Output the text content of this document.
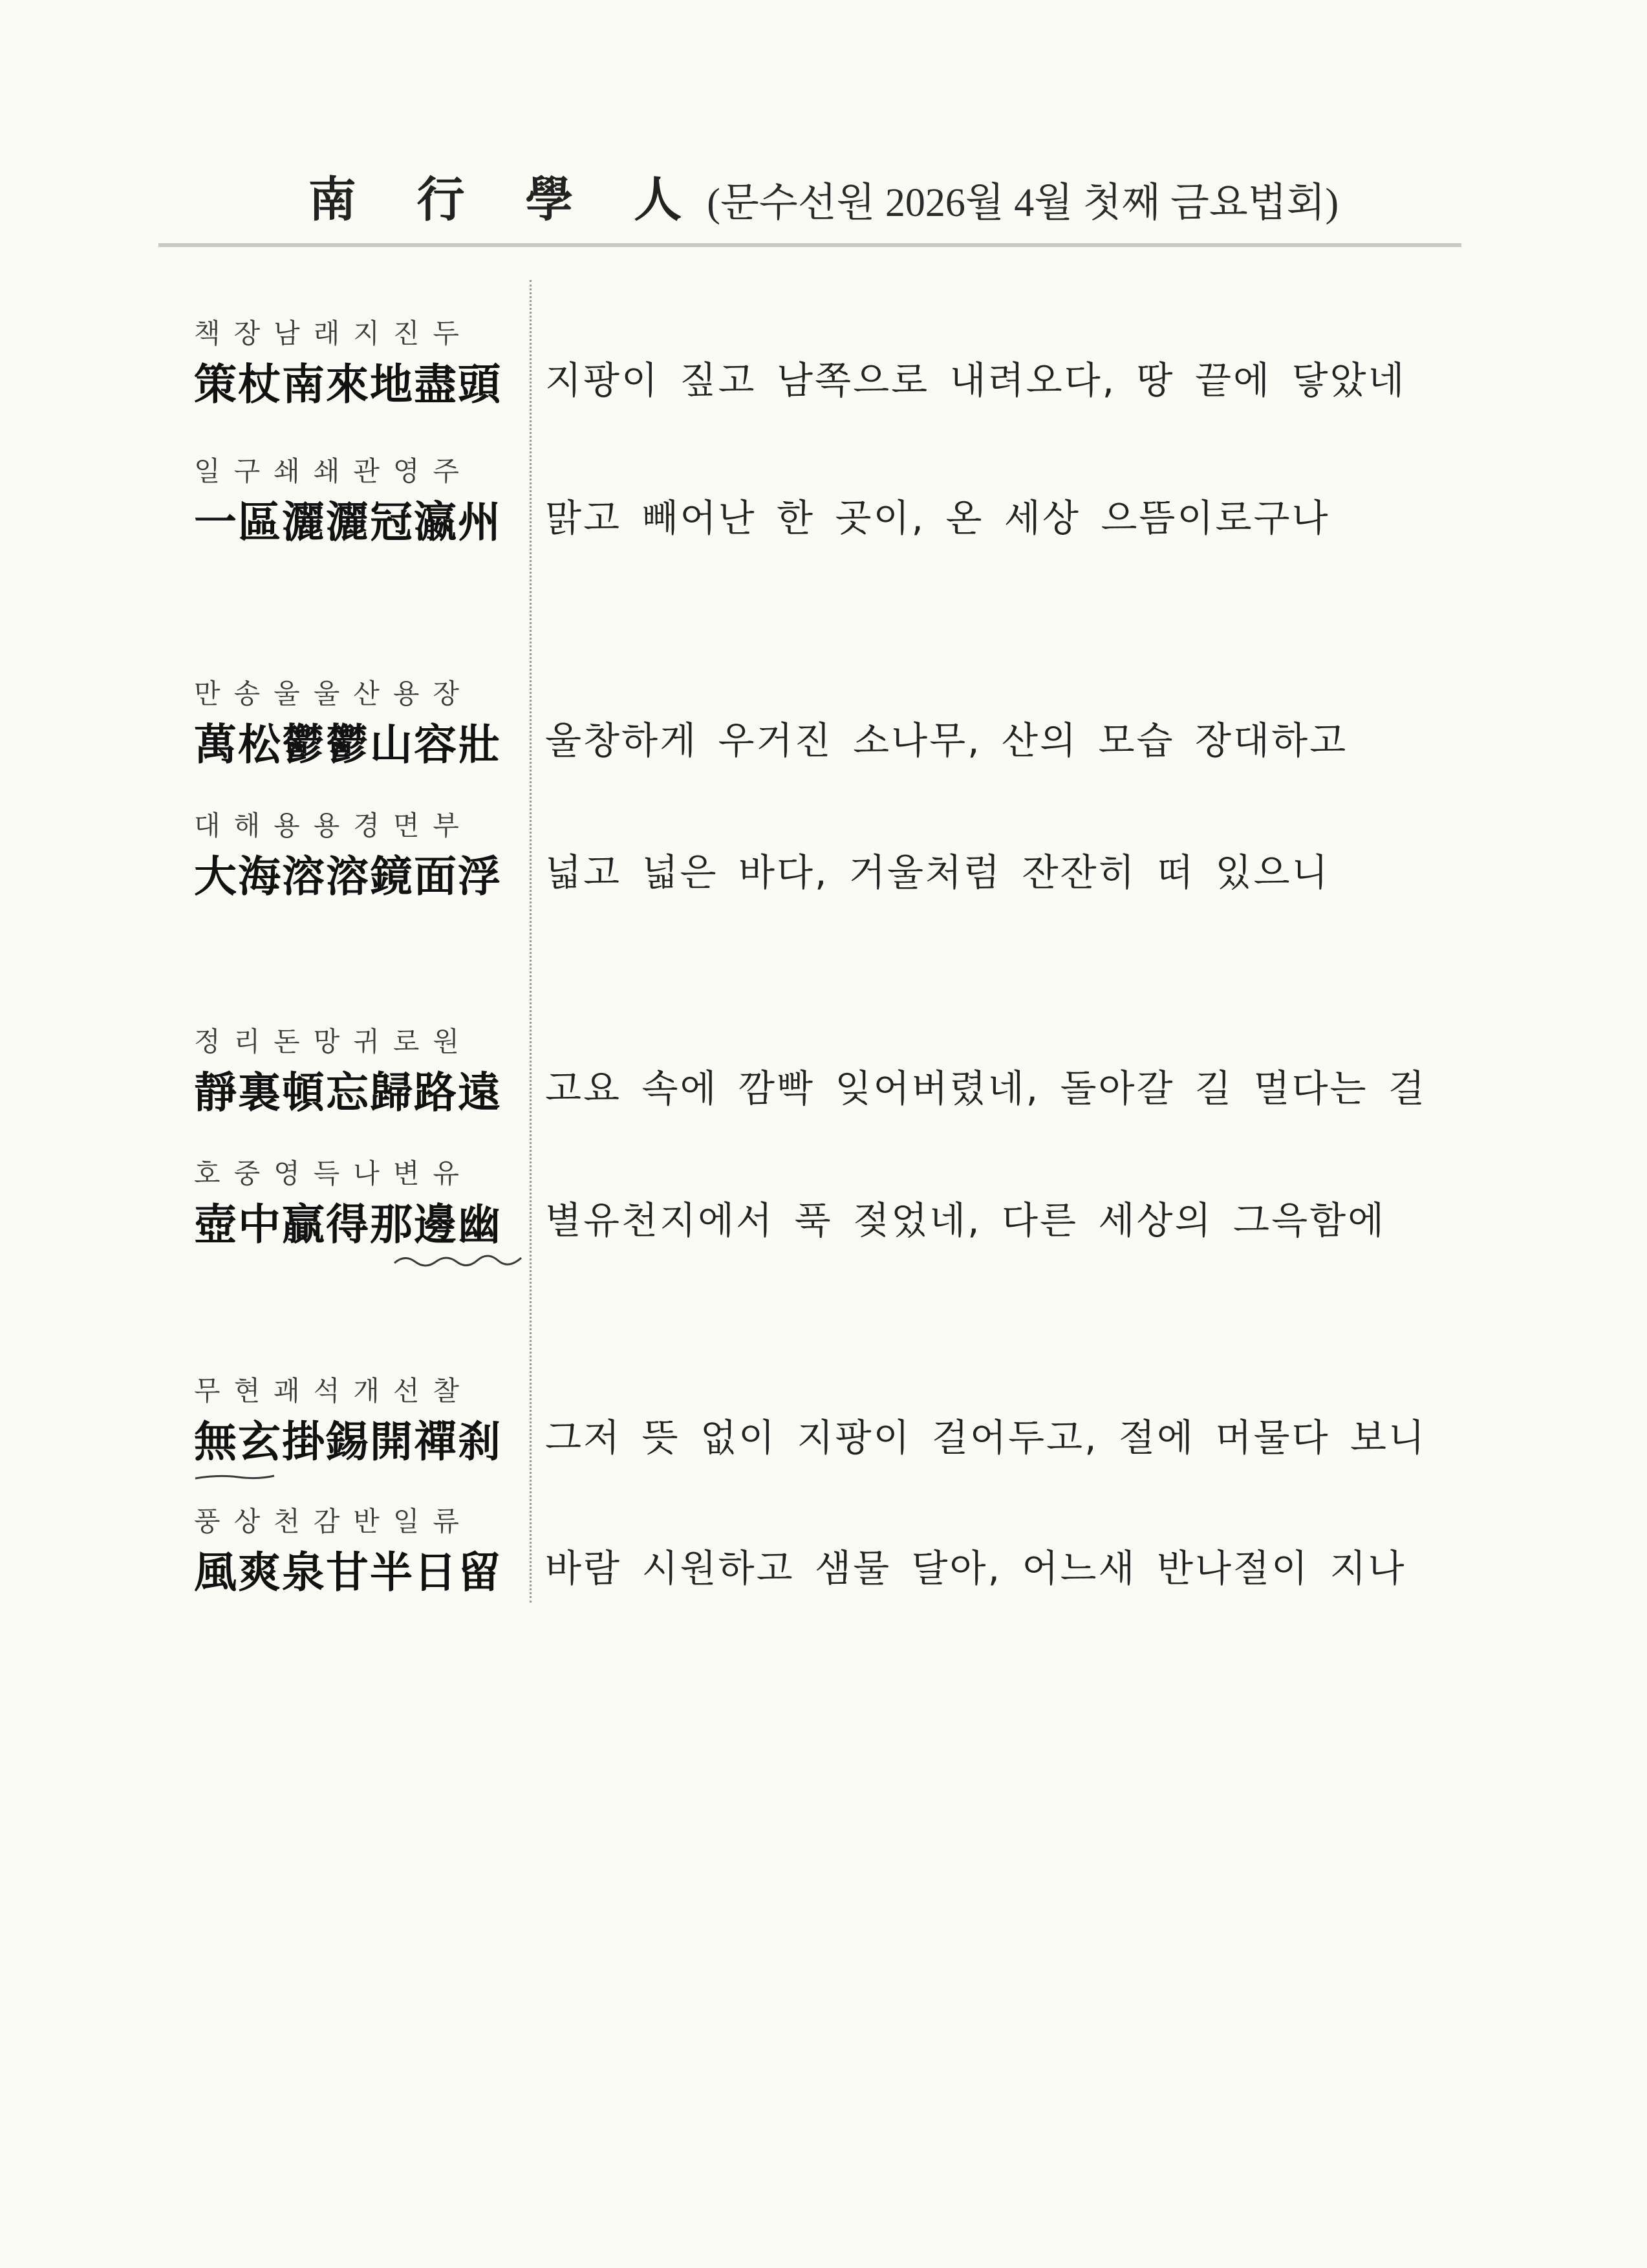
南 行 學 人 (문수선원 2026월 4월 첫째 금요법회)
책장남래지진두
策杖南來地盡頭	지팡이 짚고 남쪽으로 내려오다, 땅 끝에 닿았네
일구쇄쇄관영주
一區灑灑冠瀛州	맑고 빼어난 한 곳이, 온 세상 으뜸이로구나
만송울울산용장
萬松鬱鬱山容壯	울창하게 우거진 소나무, 산의 모습 장대하고
대해용용경면부
大海溶溶鏡面浮	넓고 넓은 바다, 거울처럼 잔잔히 떠 있으니
정리돈망귀로원
靜裏頓忘歸路遠	고요 속에 깜빡 잊어버렸네, 돌아갈 길 멀다는 걸
호중영득나변유
壺中贏得那邊幽	별유천지에서 푹 젖었네, 다른 세상의 그윽함에
무현괘석개선찰
無玄掛錫開禪刹	그저 뜻 없이 지팡이 걸어두고, 절에 머물다 보니
풍상천감반일류
風爽泉甘半日留	바람 시원하고 샘물 달아, 어느새 반나절이 지나
